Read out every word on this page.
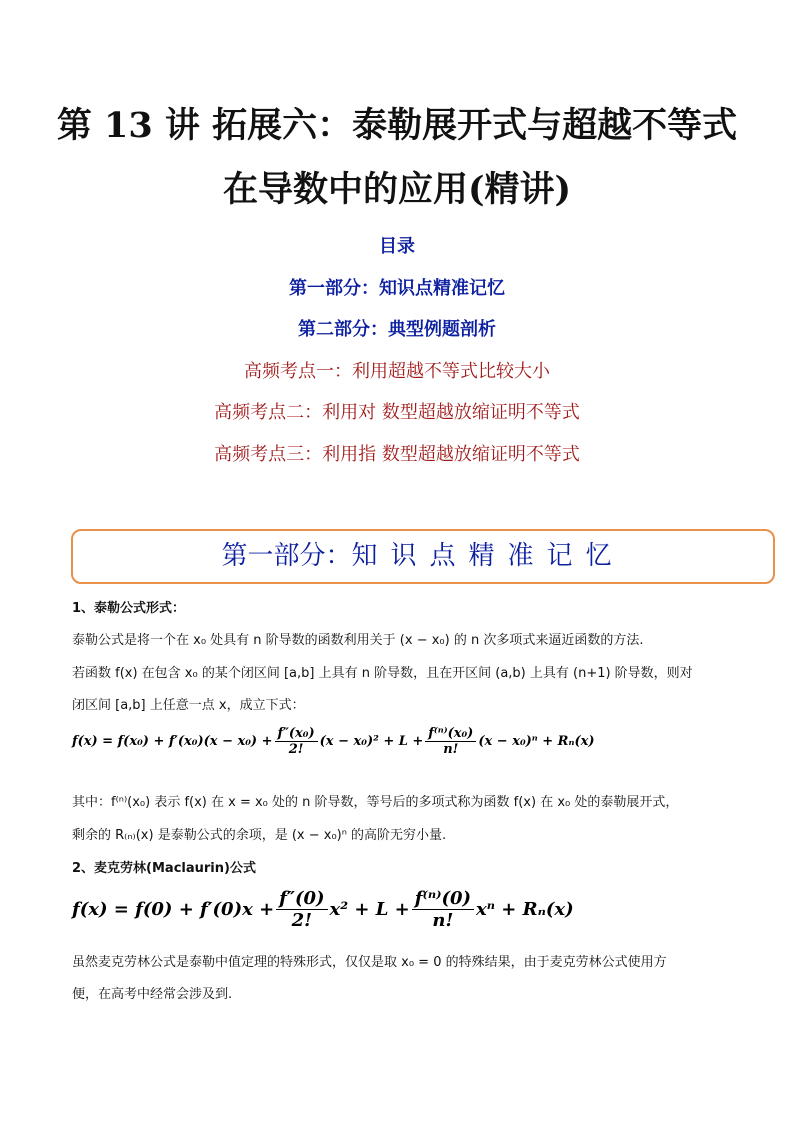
第 13 讲 拓展六：泰勒展开式与超越不等式
在导数中的应用(精讲)
目录
第一部分：知识点精准记忆
第二部分：典型例题剖析
高频考点一：利用超越不等式比较大小
高频考点二：利用对 数型超越放缩证明不等式
高频考点三：利用指 数型超越放缩证明不等式
第一部分：知识点精准记忆
1、泰勒公式形式：
泰勒公式是将一个在 x₀ 处具有 n 阶导数的函数利用关于 (x − x₀) 的 n 次多项式来逼近函数的方法.
若函数 f(x) 在包含 x₀ 的某个闭区间 [a,b] 上具有 n 阶导数，且在开区间 (a,b) 上具有 (n+1) 阶导数，则对
闭区间 [a,b] 上任意一点 x，成立下式：
$f(x) = f(x_0) + f'(x_0)(x - x_0) + \frac{\text{f″(x₀)}}{2!} (x - x_0)^2 + L + \frac{\text{f⁽ⁿ⁾(x₀)}}{n!} (x - x_0)^n + R_n(x)$
其中：f⁽ⁿ⁾(x₀) 表示 f(x) 在 x = x₀ 处的 n 阶导数，等号后的多项式称为函数 f(x) 在 x₀ 处的泰勒展开式，
剩余的 R₍ₙ₎(x) 是泰勒公式的余项，是 (x − x₀)ⁿ 的高阶无穷小量.
2、麦克劳林(Maclaurin)公式
$f(x) = f(0) + f'(0)x + \frac{f''(0)}{2!} x^2 + L + \frac{\text{f⁽ⁿ⁾(0)}}{n!}$ xⁿ + Rₙ(x)
虽然麦克劳林公式是泰勒中值定理的特殊形式，仅仅是取 x₀ = 0 的特殊结果，由于麦克劳林公式使用方
便，在高考中经常会涉及到.
